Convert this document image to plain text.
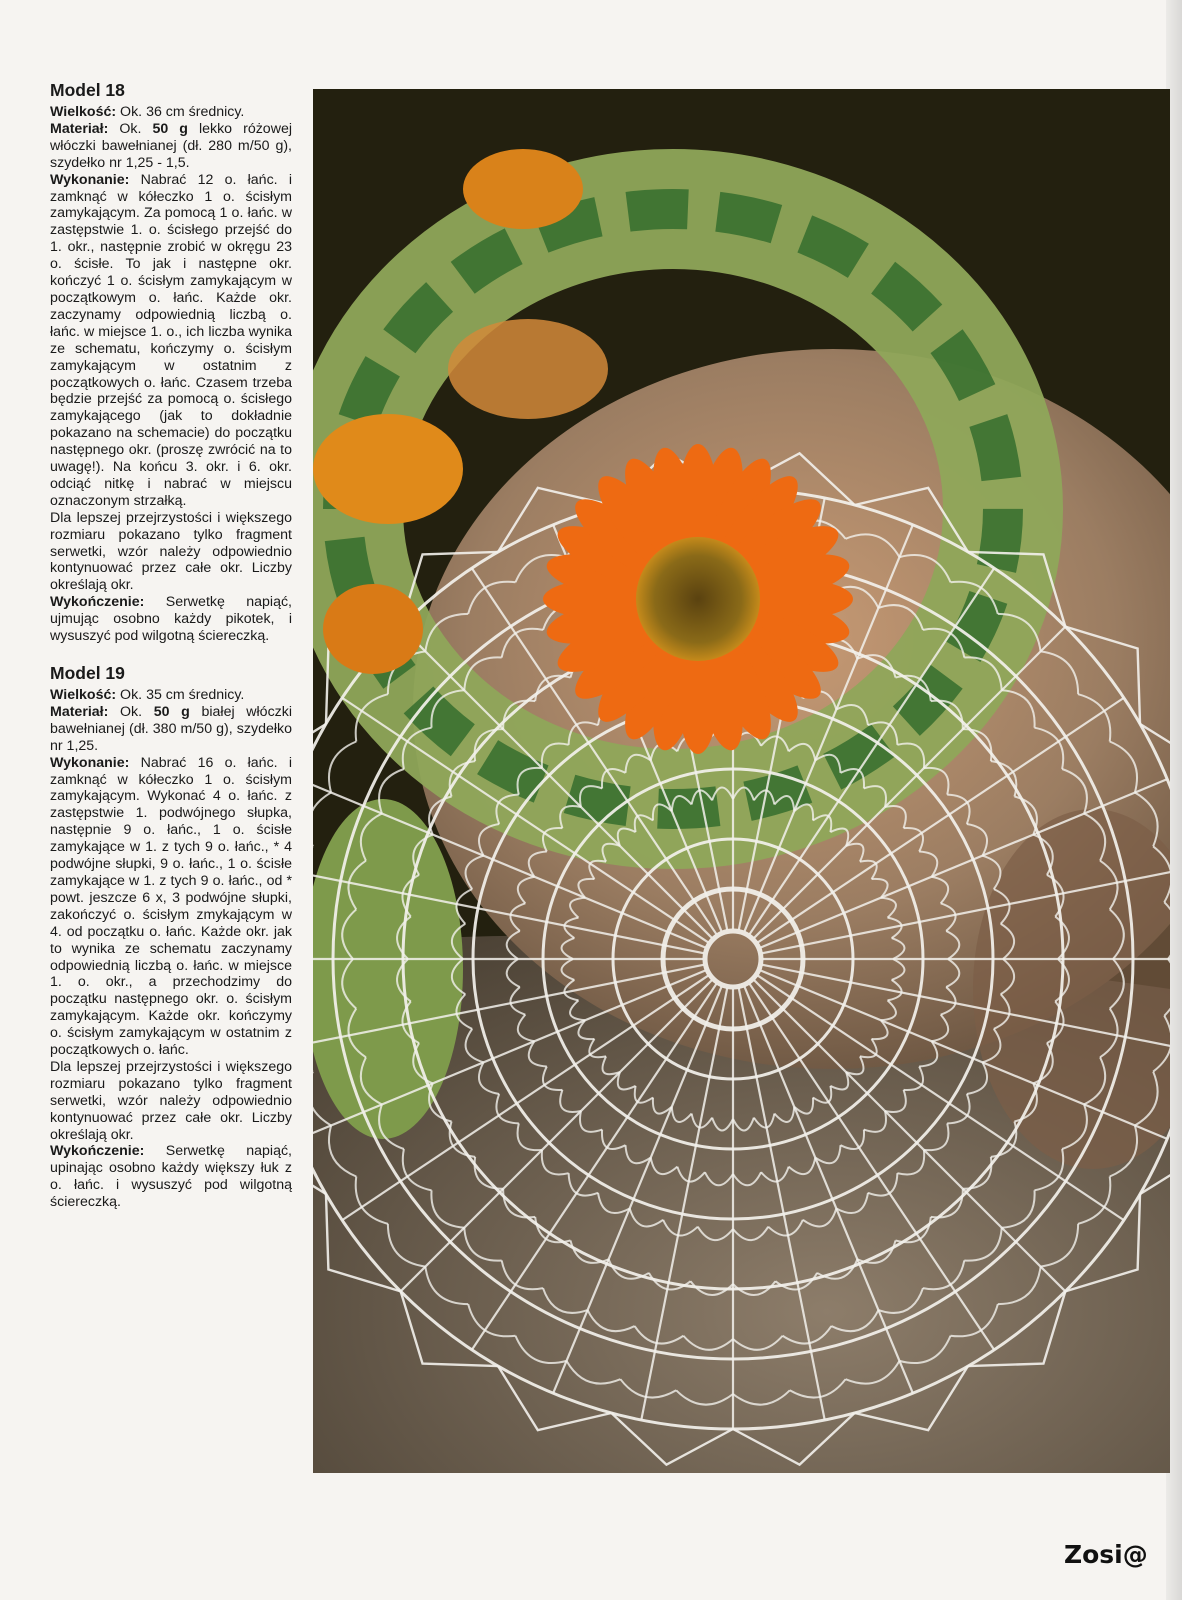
Model 18

Wielkość: Ok. 36 cm średnicy.

Materiał: Ok. 50 g lekko różowej włóczki bawełnianej (dł. 280 m/50 g), szydełko nr 1,25 - 1,5.

Wykonanie: Nabrać 12 o. łańc. i zamknąć w kółeczko 1 o. ścisłym zamykającym. Za pomocą 1 o. łańc. w zastępstwie 1. o. ścisłego przejść do 1. okr., następnie zrobić w okręgu 23 o. ścisłe. To jak i następne okr. kończyć 1 o. ścisłym zamykającym w początkowym o. łańc. Każde okr. zaczynamy odpowiednią liczbą o. łańc. w miejsce 1. o., ich liczba wynika ze schematu, kończymy o. ścisłym zamykającym w ostatnim z początkowych o. łańc. Czasem trzeba będzie przejść za pomocą o. ścisłego zamykającego (jak to dokładnie pokazano na schemacie) do początku następnego okr. (proszę zwrócić na to uwagę!). Na końcu 3. okr. i 6. okr. odciąć nitkę i nabrać w miejscu oznaczonym strzałką.

Dla lepszej przejrzystości i większego rozmiaru pokazano tylko fragment serwetki, wzór należy odpowiednio kontynuować przez całe okr. Liczby określają okr.

Wykończenie: Serwetkę napiąć, ujmując osobno każdy pikotek, i wysuszyć pod wilgotną ściereczką.

Model 19

Wielkość: Ok. 35 cm średnicy.

Materiał: Ok. 50 g białej włóczki bawełnianej (dł. 380 m/50 g), szydełko nr 1,25.

Wykonanie: Nabrać 16 o. łańc. i zamknąć w kółeczko 1 o. ścisłym zamykającym. Wykonać 4 o. łańc. z zastępstwie 1. podwójnego słupka, następnie 9 o. łańc., 1 o. ścisłe zamykające w 1. z tych 9 o. łańc., * 4 podwójne słupki, 9 o. łańc., 1 o. ścisłe zamykające w 1. z tych 9 o. łańc., od * powt. jeszcze 6 x, 3 podwójne słupki, zakończyć o. ścisłym zmykającym w 4. od początku o. łańc. Każde okr. jak to wynika ze schematu zaczynamy odpowiednią liczbą o. łańc. w miejsce 1. o. okr., a przechodzimy do początku następnego okr. o. ścisłym zamykającym. Każde okr. kończymy o. ścisłym zamykającym w ostatnim z początkowych o. łańc.

Dla lepszej przejrzystości i większego rozmiaru pokazano tylko fragment serwetki, wzór należy odpowiednio kontynuować przez całe okr. Liczby określają okr.

Wykończenie: Serwetkę napiąć, upinając osobno każdy większy łuk z o. łańc. i wysuszyć pod wilgotną ściereczką.

Zosi@
